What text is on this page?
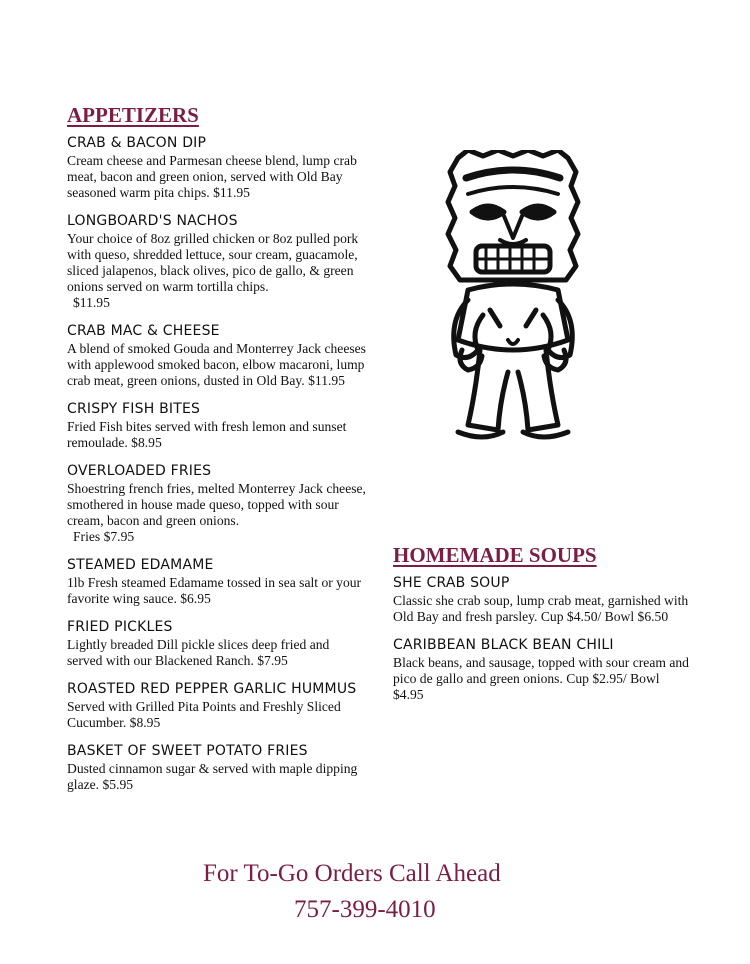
APPETIZERS
CRAB & BACON DIP
Cream cheese and Parmesan cheese blend, lump crab meat, bacon and green onion, served with Old Bay seasoned warm pita chips. $11.95
LONGBOARD'S NACHOS
Your choice of 8oz grilled chicken or 8oz pulled pork with queso, shredded lettuce, sour cream, guacamole, sliced jalapenos, black olives, pico de gallo, & green onions served on warm tortilla chips.
$11.95
CRAB MAC & CHEESE
A blend of smoked Gouda and Monterrey Jack cheeses with applewood smoked bacon, elbow macaroni, lump crab meat, green onions, dusted in Old Bay. $11.95
CRISPY FISH BITES
Fried Fish bites served with fresh lemon and sunset remoulade. $8.95
OVERLOADED FRIES
Shoestring french fries, melted Monterrey Jack cheese, smothered in house made queso, topped with sour cream, bacon and green onions.
Fries $7.95
STEAMED EDAMAME
1lb Fresh steamed Edamame tossed in sea salt or your favorite wing sauce. $6.95
FRIED PICKLES
Lightly breaded Dill pickle slices deep fried and served with our Blackened Ranch. $7.95
ROASTED RED PEPPER GARLIC HUMMUS
Served with Grilled Pita Points and Freshly Sliced Cucumber. $8.95
BASKET OF SWEET POTATO FRIES
Dusted cinnamon sugar & served with maple dipping glaze. $5.95
HOMEMADE SOUPS
SHE CRAB SOUP
Classic she crab soup, lump crab meat, garnished with Old Bay and fresh parsley. Cup $4.50/ Bowl $6.50
CARIBBEAN BLACK BEAN CHILI
Black beans, and sausage, topped with sour cream and pico de gallo and green onions. Cup $2.95/ Bowl $4.95
For To-Go Orders Call Ahead
757-399-4010
